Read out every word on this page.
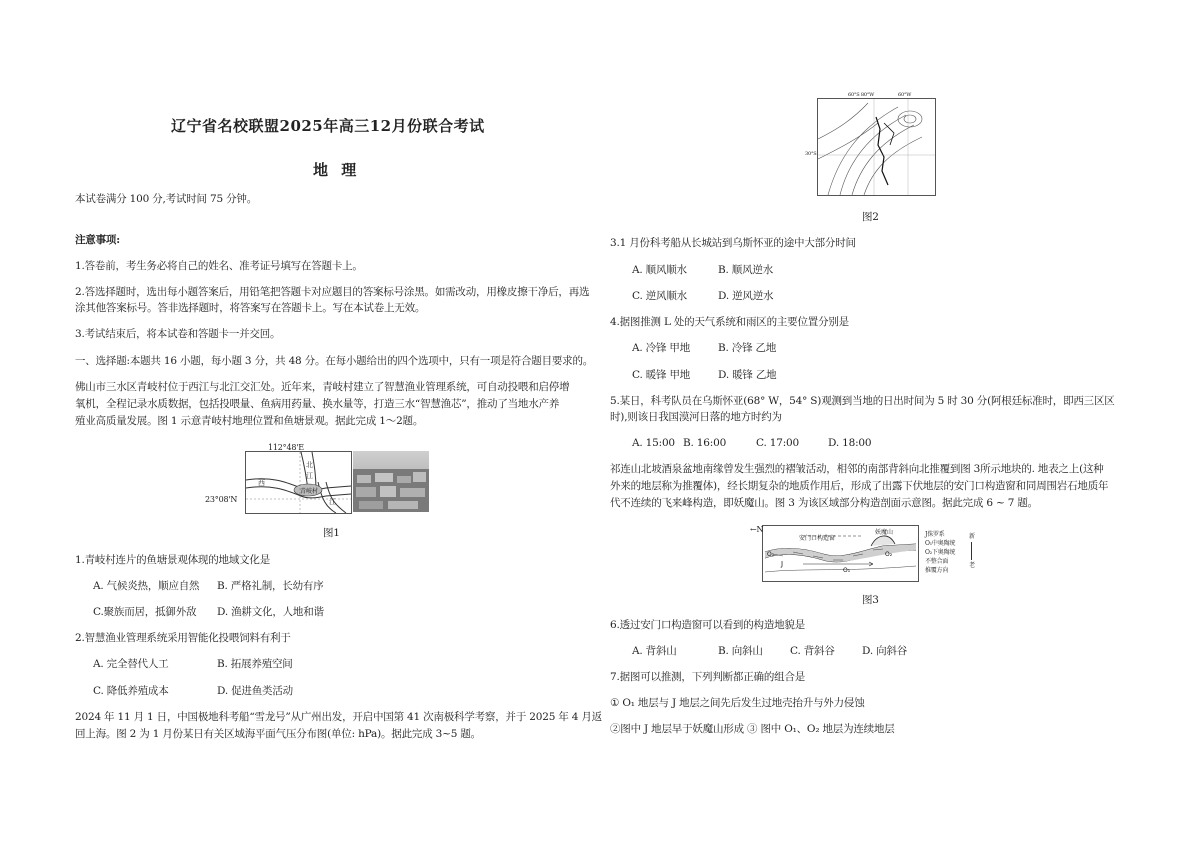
辽宁省名校联盟2025年高三12月份联合考试
地 理
本试卷满分 100 分,考试时间 75 分钟。
注意事项:
1.答卷前，考生务必将自己的姓名、准考证号填写在答题卡上。
2.答选择题时，选出每小题答案后，用铅笔把答题卡对应题目的答案标号涂黑。如需改动，用橡皮擦干净后，再选
涂其他答案标号。答非选择题时，将答案写在答题卡上。写在本试卷上无效。
3.考试结束后，将本试卷和答题卡一并交回。
一、选择题:本题共 16 小题，每小题 3 分，共 48 分。在每小题给出的四个选项中，只有一项是符合题目要求的。
佛山市三水区青岐村位于西江与北江交汇处。近年来，青岐村建立了智慧渔业管理系统，可自动投喂和启停增
氧机，全程记录水质数据，包括投喂量、鱼病用药量、换水量等，打造三水“智慧渔芯”，推动了当地水产养
殖业高质量发展。图 1 示意青岐村地理位置和鱼塘景观。据此完成 1～2题。
西
北
江
江
青岐村
112°48'E
23°08'N
图1
1.青岐村连片的鱼塘景观体现的地域文化是
A. 气候炎热，顺应自然 B. 严格礼制，长幼有序
C.聚族而居，抵御外敌 D. 渔耕文化，人地和谐
2.智慧渔业管理系统采用智能化投喂饲料有利于
A. 完全替代人工	B. 拓展养殖空间
C. 降低养殖成本	D. 促进鱼类活动
2024 年 11 月 1 日，中国极地科考船“雪龙号”从广州出发，开启中国第 41 次南极科学考察，并于 2025 年 4 月返
回上海。图 2 为 1 月份某日有关区域海平面气压分布图(单位: hPa)。据此完成 3~5 题。
60°S 80°W	60°W
30°S
图2
3.1 月份科考船从长城站到乌斯怀亚的途中大部分时间
A. 顺风顺水	B. 顺风逆水
C. 逆风顺水	D. 逆风逆水
4.据图推测 L 处的天气系统和雨区的主要位置分别是
A. 冷锋 甲地	B. 冷锋 乙地
C. 暖锋 甲地	D. 暖锋 乙地
5.某日，科考队员在乌斯怀亚(68° W，54° S)观测到当地的日出时间为 5 时 30 分(阿根廷标准时，即西三区区
时),则该日我国漠河日落的地方时约为
A. 15:00 B. 16:00	C. 17:00	D. 18:00
祁连山北坡酒泉盆地南缘曾发生强烈的褶皱活动，相邻的南部背斜向北推覆到图 3所示地块的. 地表之上(这种
外来的地层称为推覆体)，经长期复杂的地质作用后，形成了出露下伏地层的安门口构造窗和同周围岩石地质年
代不连续的飞来峰构造，即妖魔山。图 3 为该区域部分构造剖面示意图。据此完成 6 ~ 7 题。
J
O₁
O₁
O₂
安门口构造窗
妖魔山
←N
J侏罗系
O₁中奥陶统
O₂下奥陶统
不整合面
推覆方向
新
老
图3
6.透过安门口构造窗可以看到的构造地貌是
A. 背斜山	B. 向斜山	C. 背斜谷	D. 向斜谷
7.据图可以推测，下列判断都正确的组合是
① O₁ 地层与 J 地层之间先后发生过地壳抬升与外力侵蚀
②图中 J 地层早于妖魔山形成 ③ 图中 O₁、O₂ 地层为连续地层
